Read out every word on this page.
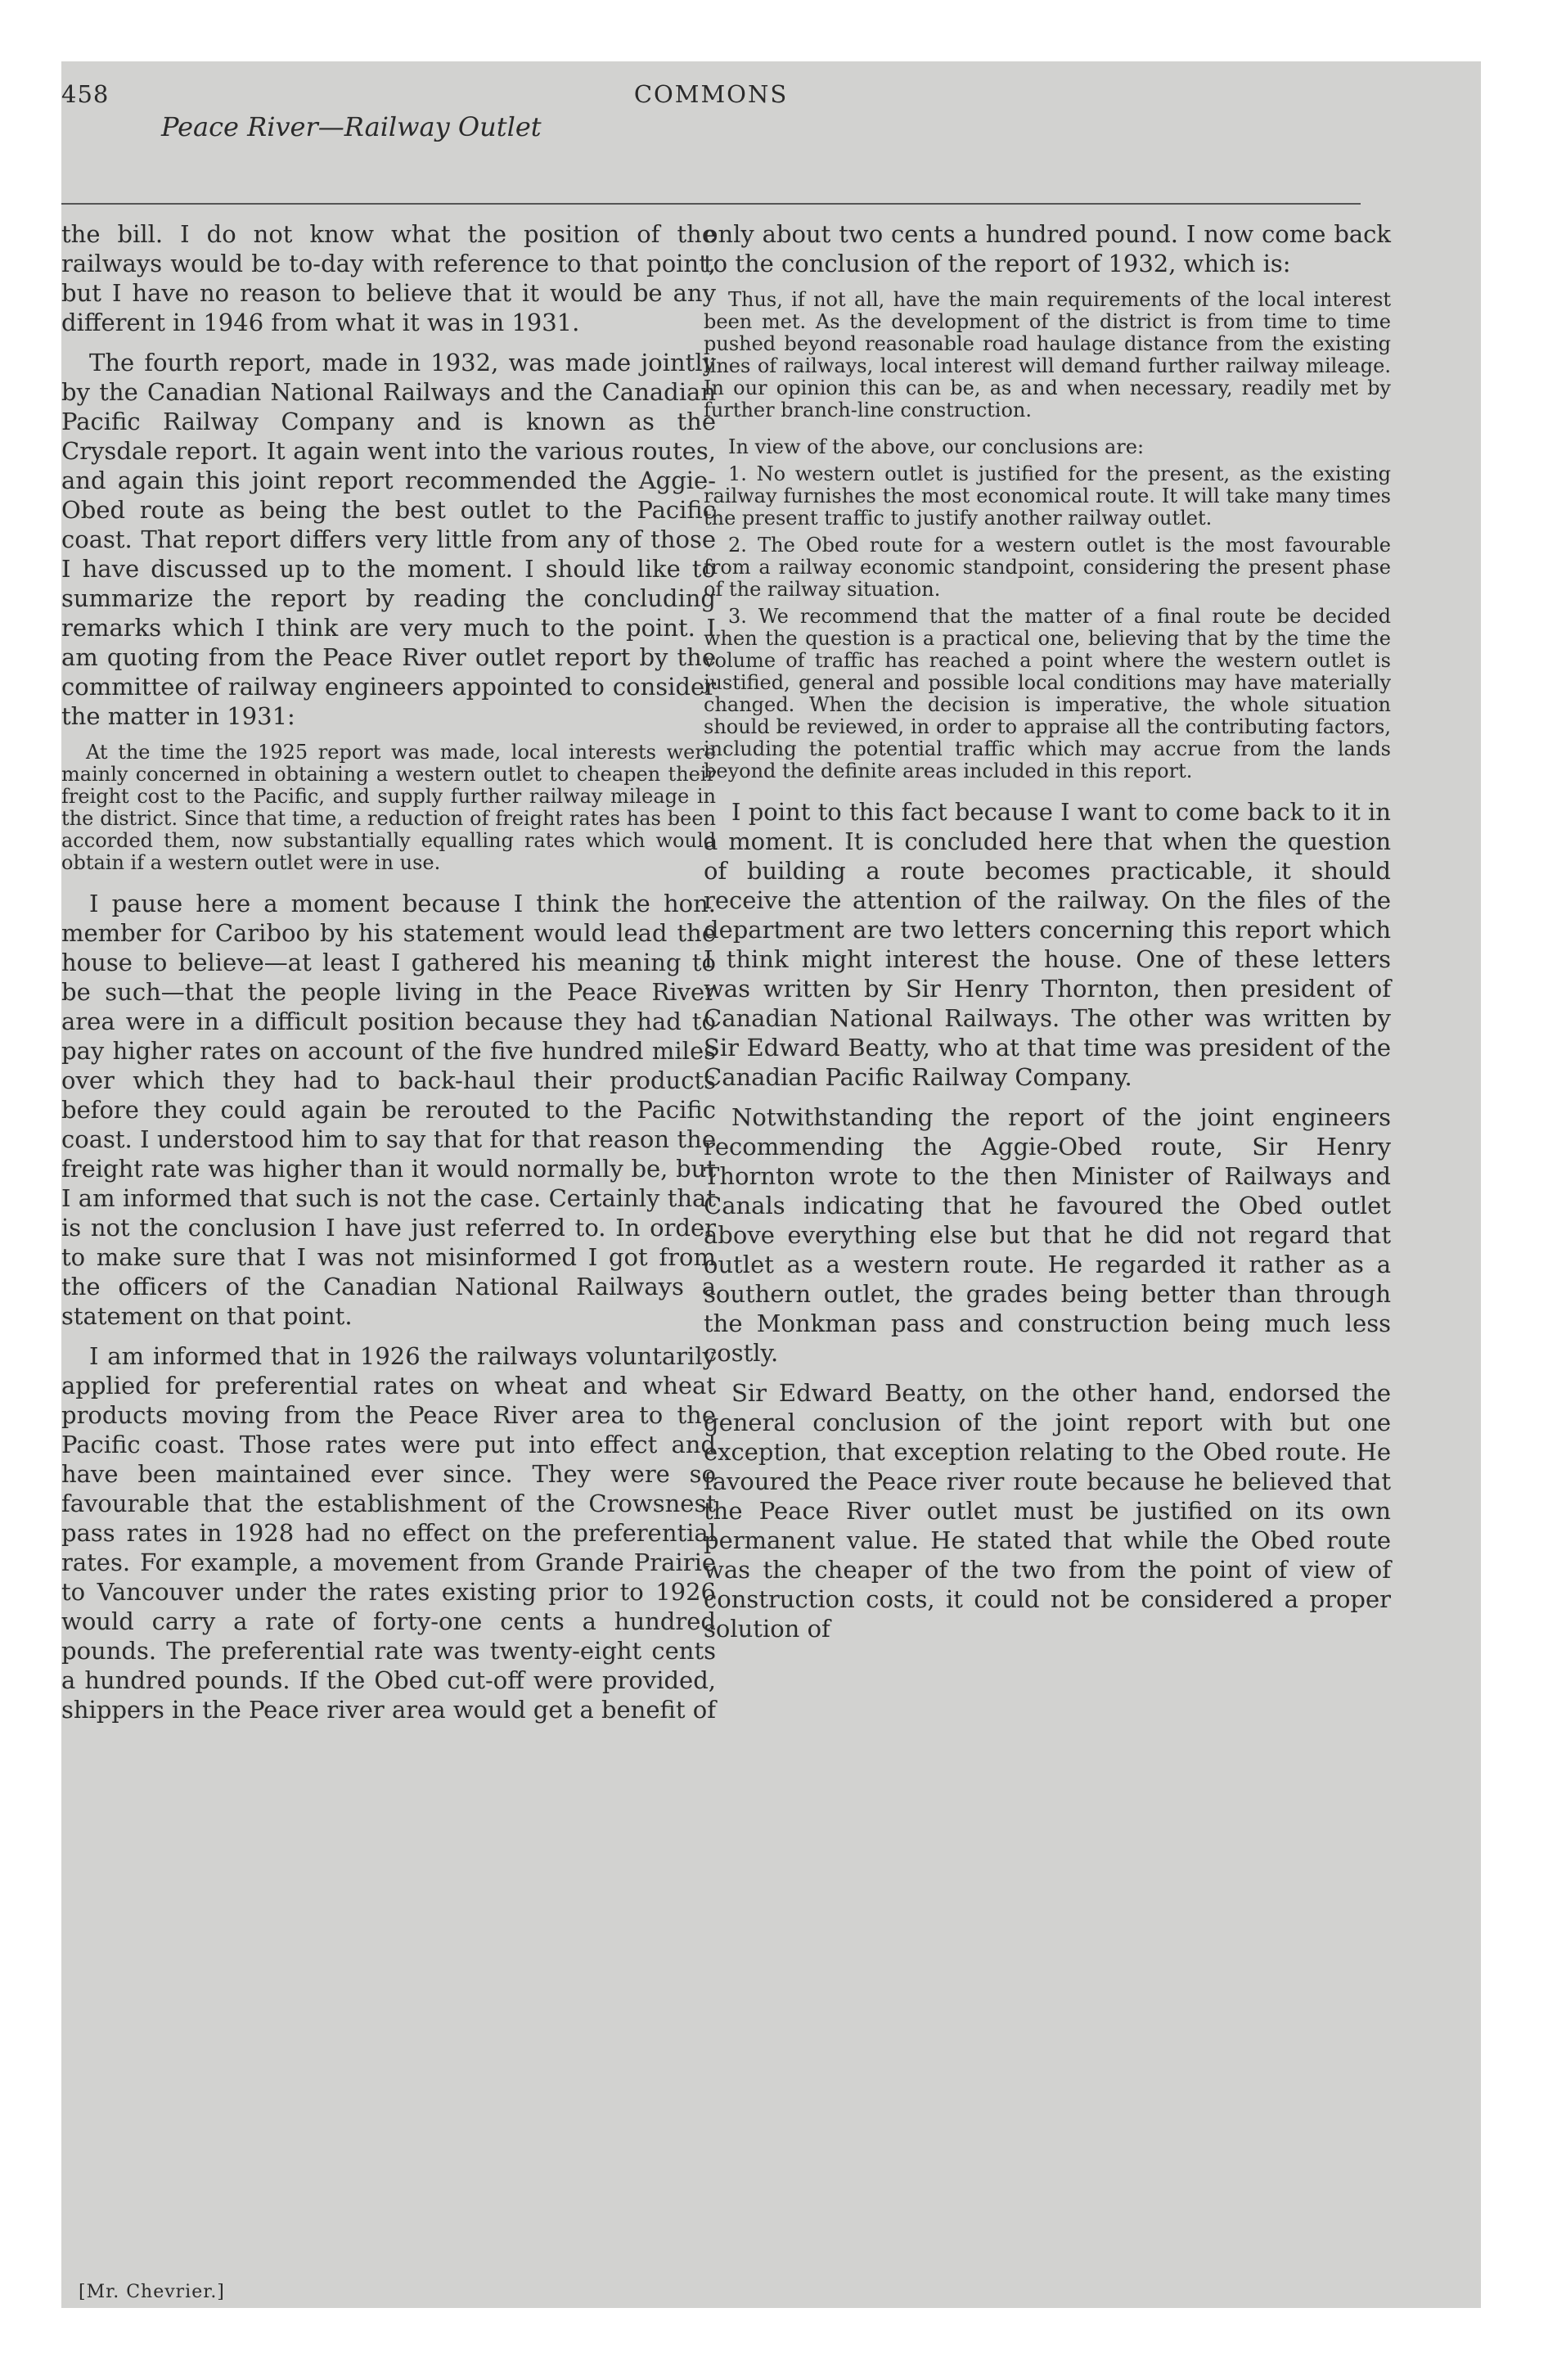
458	COMMONS
Peace River—Railway Outlet

the bill. I do not know what the position of the railways would be to-day with reference to that point, but I have no reason to believe that it would be any different in 1946 from what it was in 1931.

The fourth report, made in 1932, was made jointly by the Canadian National Railways and the Canadian Pacific Railway Company and is known as the Crysdale report. It again went into the various routes, and again this joint report recommended the Aggie-Obed route as being the best outlet to the Pacific coast. That report differs very little from any of those I have discussed up to the moment. I should like to summarize the report by reading the concluding remarks which I think are very much to the point. I am quoting from the Peace River outlet report by the committee of railway engineers appointed to consider the matter in 1931:

At the time the 1925 report was made, local interests were mainly concerned in obtaining a western outlet to cheapen their freight cost to the Pacific, and supply further railway mileage in the district. Since that time, a reduction of freight rates has been accorded them, now substantially equalling rates which would obtain if a western outlet were in use.

I pause here a moment because I think the hon. member for Cariboo by his statement would lead the house to believe—at least I gathered his meaning to be such—that the people living in the Peace River area were in a difficult position because they had to pay higher rates on account of the five hundred miles over which they had to back-haul their products before they could again be rerouted to the Pacific coast. I understood him to say that for that reason the freight rate was higher than it would normally be, but I am informed that such is not the case. Certainly that is not the conclusion I have just referred to. In order to make sure that I was not misinformed I got from the officers of the Canadian National Railways a statement on that point.

I am informed that in 1926 the railways voluntarily applied for preferential rates on wheat and wheat products moving from the Peace River area to the Pacific coast. Those rates were put into effect and have been maintained ever since. They were so favourable that the establishment of the Crowsnest pass rates in 1928 had no effect on the preferential rates. For example, a movement from Grande Prairie to Vancouver under the rates existing prior to 1926 would carry a rate of forty-one cents a hundred pounds. The preferential rate was twenty-eight cents a hundred pounds. If the Obed cut-off were provided, shippers in the Peace river area would get a benefit of

only about two cents a hundred pound. I now come back to the conclusion of the report of 1932, which is:

Thus, if not all, have the main requirements of the local interest been met. As the development of the district is from time to time pushed beyond reasonable road haulage distance from the existing lines of railways, local interest will demand further railway mileage. In our opinion this can be, as and when necessary, readily met by further branch-line construction.

In view of the above, our conclusions are:

1. No western outlet is justified for the present, as the existing railway furnishes the most economical route. It will take many times the present traffic to justify another railway outlet.

2. The Obed route for a western outlet is the most favourable from a railway economic standpoint, considering the present phase of the railway situation.

3. We recommend that the matter of a final route be decided when the question is a practical one, believing that by the time the volume of traffic has reached a point where the western outlet is justified, general and possible local conditions may have materially changed. When the decision is imperative, the whole situation should be reviewed, in order to appraise all the contributing factors, including the potential traffic which may accrue from the lands beyond the definite areas included in this report.

I point to this fact because I want to come back to it in a moment. It is concluded here that when the question of building a route becomes practicable, it should receive the attention of the railway. On the files of the department are two letters concerning this report which I think might interest the house. One of these letters was written by Sir Henry Thornton, then president of Canadian National Railways. The other was written by Sir Edward Beatty, who at that time was president of the Canadian Pacific Railway Company.

Notwithstanding the report of the joint engineers recommending the Aggie-Obed route, Sir Henry Thornton wrote to the then Minister of Railways and Canals indicating that he favoured the Obed outlet above everything else but that he did not regard that outlet as a western route. He regarded it rather as a southern outlet, the grades being better than through the Monkman pass and construction being much less costly.

Sir Edward Beatty, on the other hand, endorsed the general conclusion of the joint report with but one exception, that exception relating to the Obed route. He favoured the Peace river route because he believed that the Peace River outlet must be justified on its own permanent value. He stated that while the Obed route was the cheaper of the two from the point of view of construction costs, it could not be considered a proper solution of

[Mr. Chevrier.]
